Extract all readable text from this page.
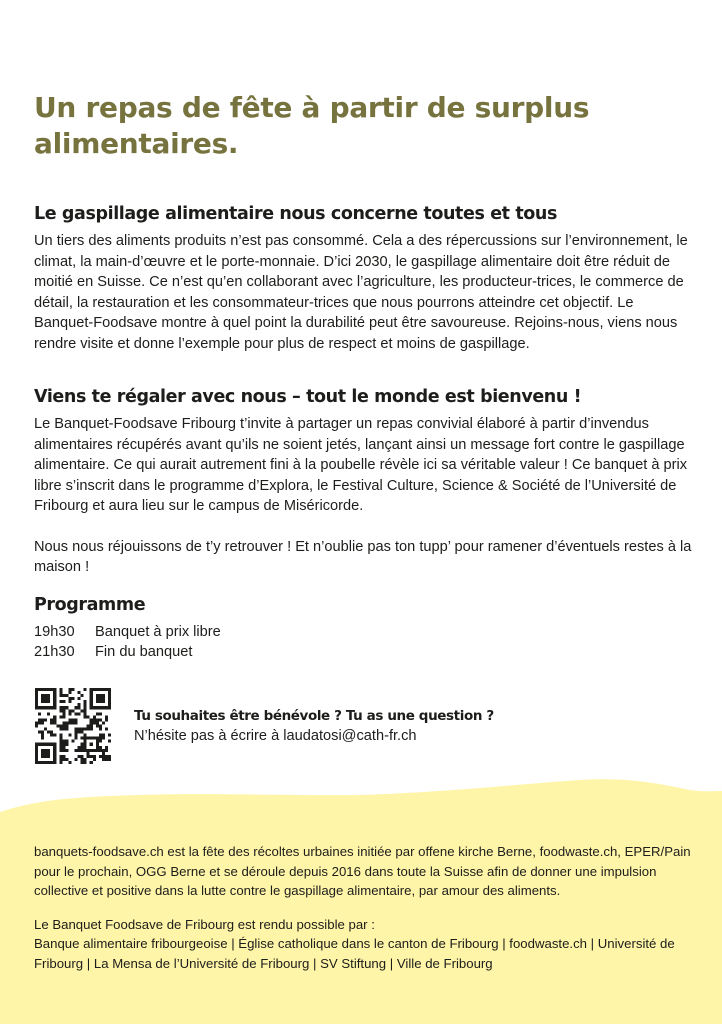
Un repas de fête à partir de surplus alimentaires.
Le gaspillage alimentaire nous concerne toutes et tous

Un tiers des aliments produits n’est pas consommé. Cela a des répercussions sur l’environnement, le climat, la main-d’œuvre et le porte-monnaie. D’ici 2030, le gaspillage alimentaire doit être réduit de moitié en Suisse. Ce n’est qu’en collaborant avec l’agriculture, les producteur-trices, le commerce de détail, la restauration et les consommateur-trices que nous pourrons atteindre cet objectif. Le Banquet-Foodsave montre à quel point la durabilité peut être savoureuse. Rejoins-nous, viens nous rendre visite et donne l’exemple pour plus de respect et moins de gaspillage.

Viens te régaler avec nous – tout le monde est bienvenu !

Le Banquet-Foodsave Fribourg t’invite à partager un repas convivial élaboré à partir d’invendus alimentaires récupérés avant qu’ils ne soient jetés, lançant ainsi un message fort contre le gaspillage alimentaire. Ce qui aurait autrement fini à la poubelle révèle ici sa véritable valeur ! Ce banquet à prix libre s’inscrit dans le programme d’Explora, le Festival Culture, Science & Société de l’Université de Fribourg et aura lieu sur le campus de Miséricorde.

Nous nous réjouissons de t’y retrouver ! Et n’oublie pas ton tupp’ pour ramener d’éventuels restes à la maison !

Programme
19h30	Banquet à prix libre
21h30	Fin du banquet
Tu souhaites être bénévole ? Tu as une question ?
N’hésite pas à écrire à laudatosi@cath-fr.ch

banquets-foodsave.ch est la fête des récoltes urbaines initiée par offene kirche Berne, foodwaste.ch, EPER/Pain pour le prochain, OGG Berne et se déroule depuis 2016 dans toute la Suisse afin de donner une impulsion collective et positive dans la lutte contre le gaspillage alimentaire, par amour des aliments.

Le Banquet Foodsave de Fribourg est rendu possible par :

Banque alimentaire fribourgeoise | Église catholique dans le canton de Fribourg | foodwaste.ch | Université de Fribourg | La Mensa de l’Université de Fribourg | SV Stiftung | Ville de Fribourg
